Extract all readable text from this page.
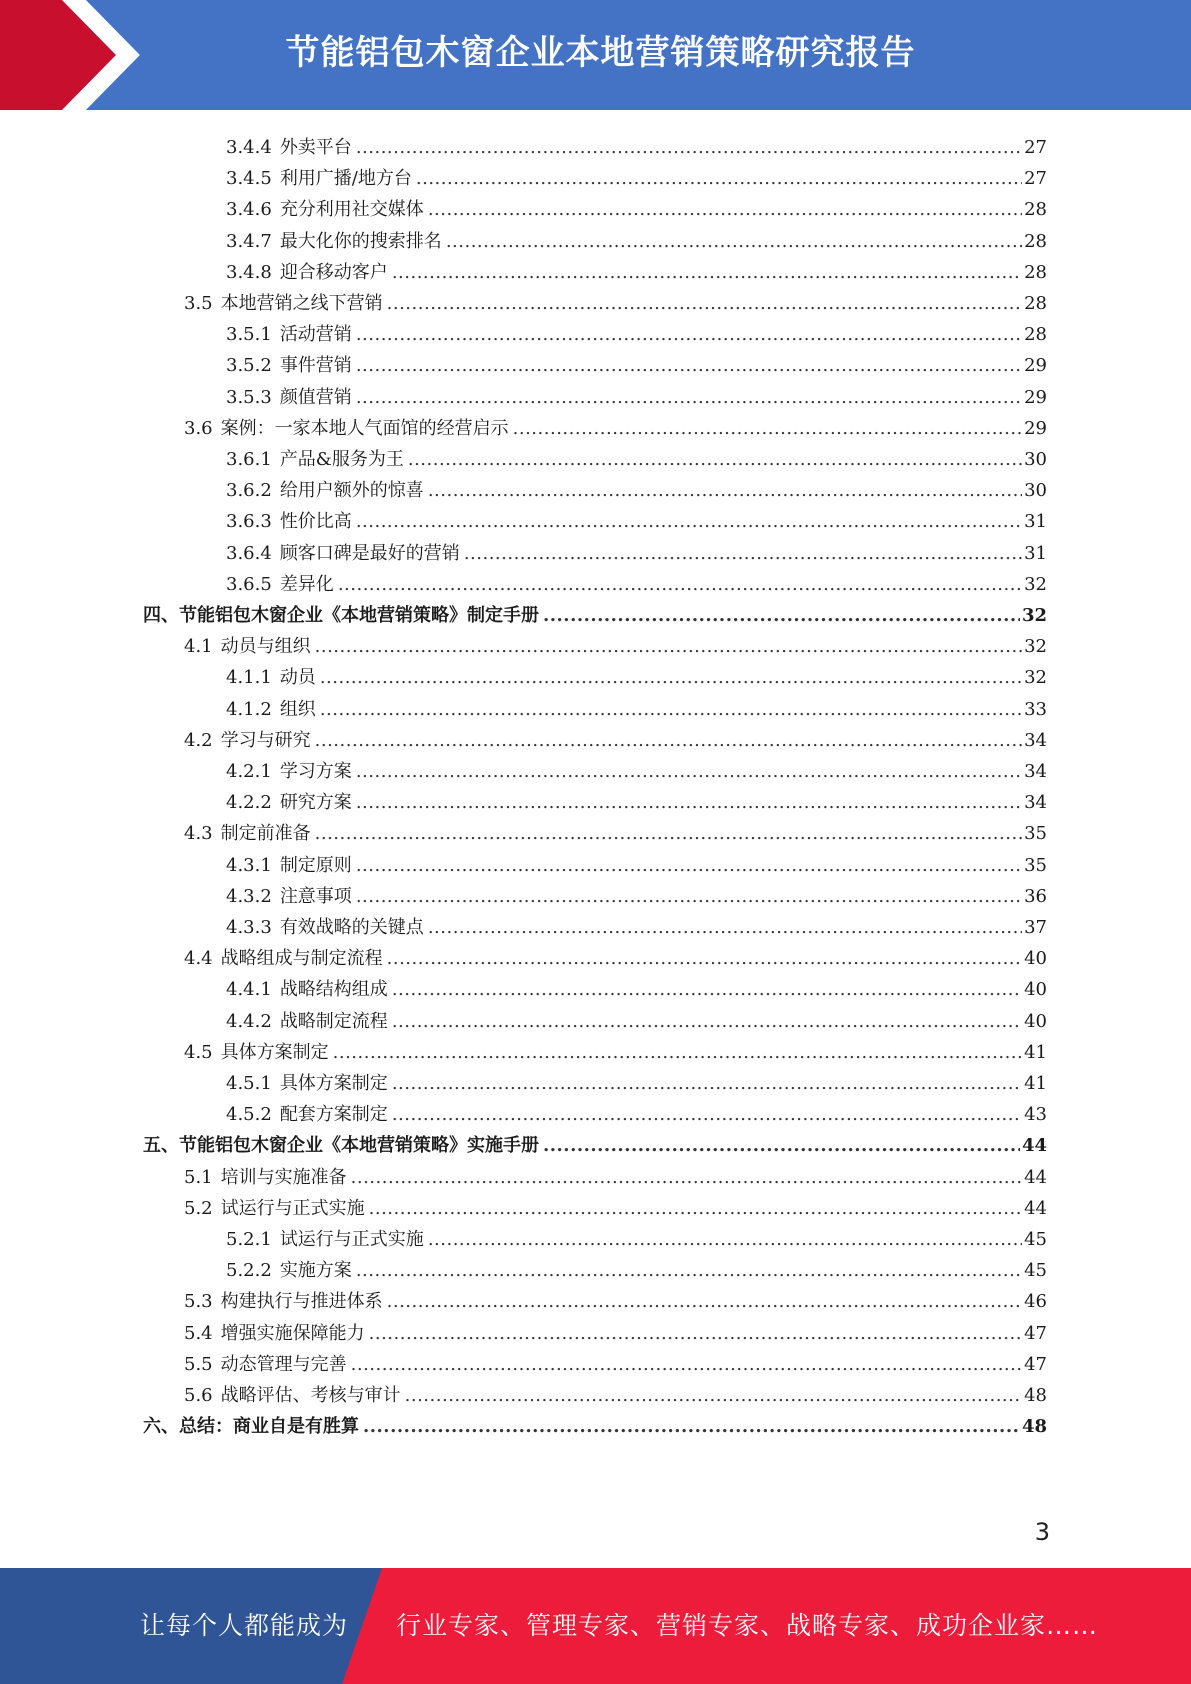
节能铝包木窗企业本地营销策略研究报告
3.4.4 外卖平台 .....	27
3.4.5 利用广播/地方台 .....	27
3.4.6 充分利用社交媒体 .....	28
3.4.7 最大化你的搜索排名 .....	28
3.4.8 迎合移动客户 .....	28
3.5 本地营销之线下营销 .....	28
3.5.1 活动营销 .....	28
3.5.2 事件营销 .....	29
3.5.3 颜值营销 .....	29
3.6 案例：一家本地人气面馆的经营启示 .....	29
3.6.1 产品&服务为王 .....	30
3.6.2 给用户额外的惊喜 .....	30
3.6.3 性价比高 .....	31
3.6.4 顾客口碑是最好的营销 .....	31
3.6.5 差异化 .....	32
四、节能铝包木窗企业《本地营销策略》制定手册 .....	32
4.1 动员与组织 .....	32
4.1.1 动员 .....	32
4.1.2 组织 .....	33
4.2 学习与研究 .....	34
4.2.1 学习方案 .....	34
4.2.2 研究方案 .....	34
4.3 制定前准备 .....	35
4.3.1 制定原则 .....	35
4.3.2 注意事项 .....	36
4.3.3 有效战略的关键点 .....	37
4.4 战略组成与制定流程 .....	40
4.4.1 战略结构组成 .....	40
4.4.2 战略制定流程 .....	40
4.5 具体方案制定 .....	41
4.5.1 具体方案制定 .....	41
4.5.2 配套方案制定 .....	43
五、节能铝包木窗企业《本地营销策略》实施手册 .....	44
5.1 培训与实施准备 .....	44
5.2 试运行与正式实施 .....	44
5.2.1 试运行与正式实施 .....	45
5.2.2 实施方案 .....	45
5.3 构建执行与推进体系 .....	46
5.4 增强实施保障能力 .....	47
5.5 动态管理与完善 .....	47
5.6 战略评估、考核与审计 .....	48
六、总结：商业自是有胜算 .....	48
3
让每个人都能成为 行业专家、管理专家、营销专家、战略专家、成功企业家……
